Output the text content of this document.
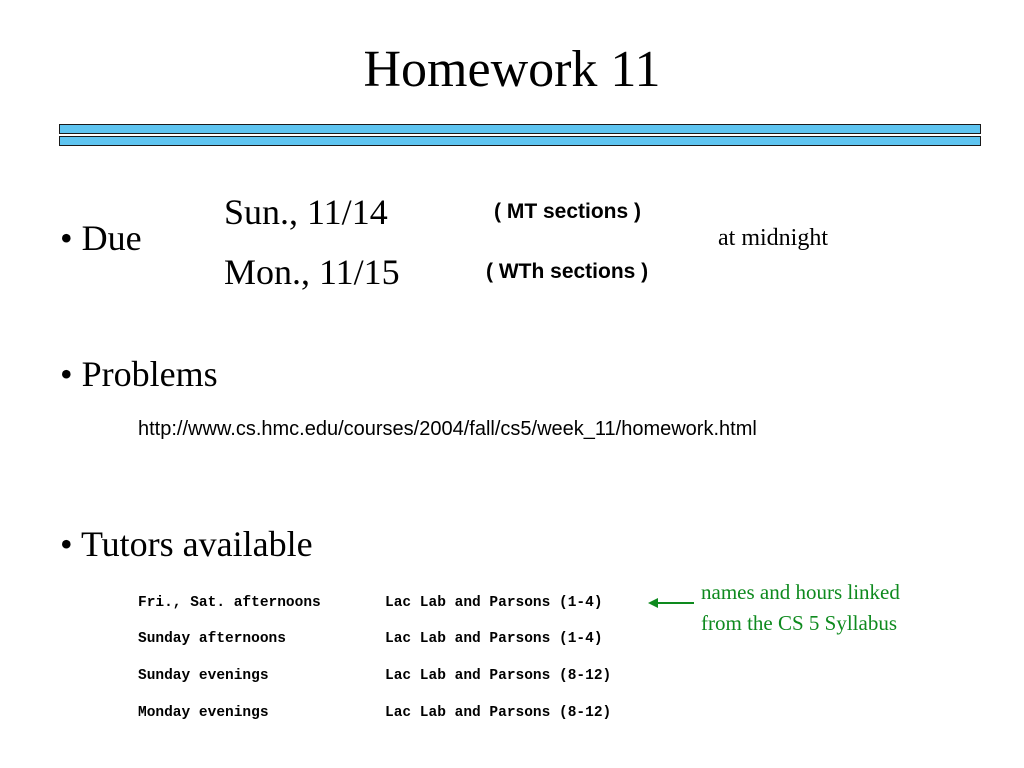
Homework 11
• Due
Sun., 11/14	( MT sections )
Mon., 11/15	( WTh sections )
at midnight
• Problems
http://www.cs.hmc.edu/courses/2004/fall/cs5/week_11/homework.html
• Tutors available
Fri., Sat. afternoons	Lac Lab and Parsons (1-4)
Sunday afternoons	Lac Lab and Parsons (1-4)
Sunday evenings	Lac Lab and Parsons (8-12)
Monday evenings	Lac Lab and Parsons (8-12)
names and hours linked
from the CS 5 Syllabus
